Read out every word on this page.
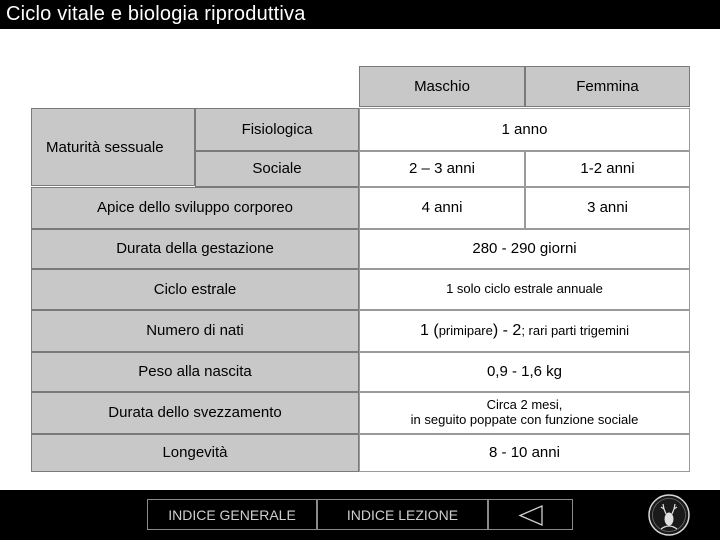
Ciclo vitale e biologia riproduttiva
Maschio	Femmina
Maturità sessuale
Fisiologica	1 anno
Sociale	2 – 3 anni	1-2 anni
Apice dello sviluppo corporeo	4 anni	3 anni
Durata della gestazione	280 - 290 giorni
Ciclo estrale	1 solo ciclo estrale annuale
Numero di nati	1 (primipare) - 2; rari parti trigemini
Peso alla nascita	0,9 - 1,6 kg
Durata dello svezzamento	Circa 2 mesi,
in seguito poppate con funzione sociale
Longevità	8 - 10 anni
INDICE GENERALE	INDICE LEZIONE
